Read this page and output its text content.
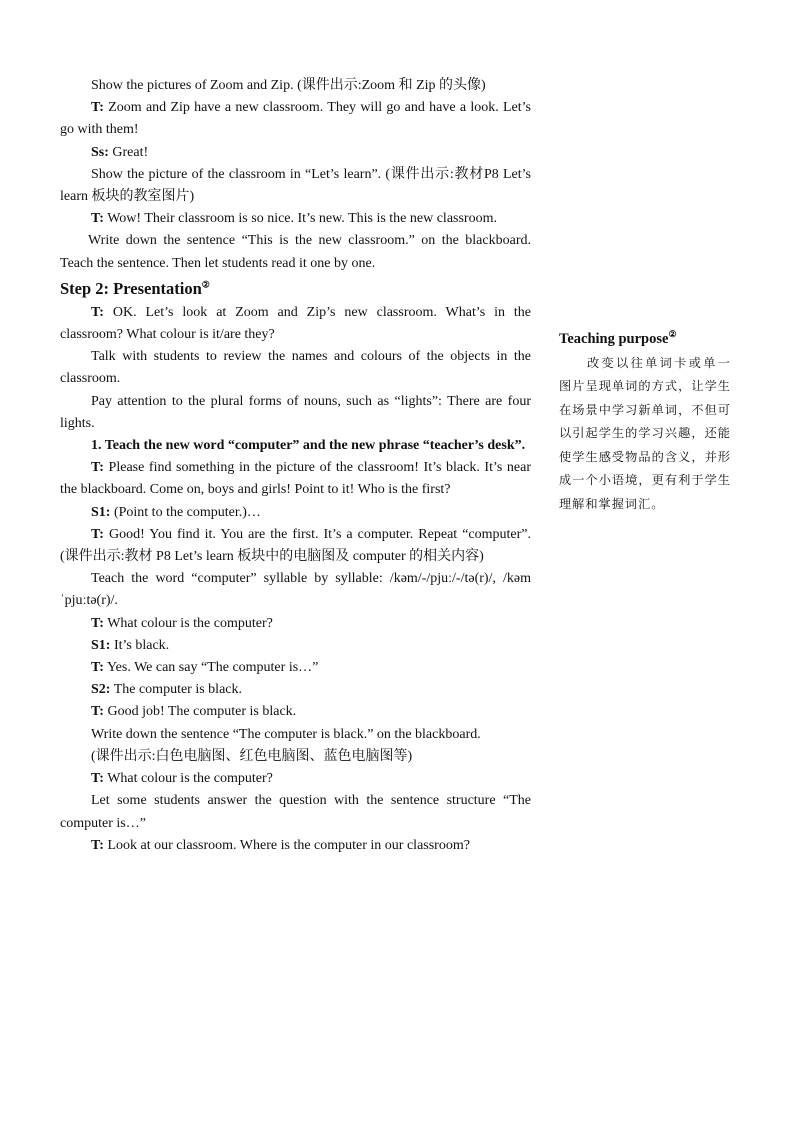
Show the pictures of Zoom and Zip. (课件出示:Zoom 和 Zip 的头像)

T: Zoom and Zip have a new classroom. They will go and have a look. Let’s go with them!

Ss: Great!

Show the picture of the classroom in “Let’s learn”. (课件出示:教材P8 Let’s learn 板块的教室图片)

T: Wow! Their classroom is so nice. It’s new. This is the new classroom.

Write down the sentence “This is the new classroom.” on the blackboard. Teach the sentence. Then let students read it one by one.

Step 2: Presentation②

T: OK. Let’s look at Zoom and Zip’s new classroom. What’s in the classroom? What colour is it/are they?

Talk with students to review the names and colours of the objects in the classroom.

Pay attention to the plural forms of nouns, such as “lights”: There are four lights.

1. Teach the new word “computer” and the new phrase “teacher’s desk”.

T: Please find something in the picture of the classroom! It’s black. It’s near the blackboard. Come on, boys and girls! Point to it! Who is the first?

S1: (Point to the computer.)…

T: Good! You find it. You are the first. It’s a computer. Repeat “computer”. (课件出示:教材 P8 Let’s learn 板块中的电脑图及 computer 的相关内容)

Teach the word “computer” syllable by syllable: /kəm/-/pjuː/-/tə(r)/, /kəmˈpjuːtə(r)/.

T: What colour is the computer?

S1: It’s black.

T: Yes. We can say “The computer is…”

S2: The computer is black.

T: Good job! The computer is black.

Write down the sentence “The computer is black.” on the blackboard.

(课件出示:白色电脑图、红色电脑图、蓝色电脑图等)

T: What colour is the computer?

Let some students answer the question with the sentence structure “The computer is…”

T: Look at our classroom. Where is the computer in our classroom?

Teaching purpose②

改变以往单词卡或单一图片呈现单词的方式，让学生在场景中学习新单词，不但可以引起学生的学习兴趣，还能使学生感受物品的含义，并形成一个小语境，更有利于学生理解和掌握词汇。
